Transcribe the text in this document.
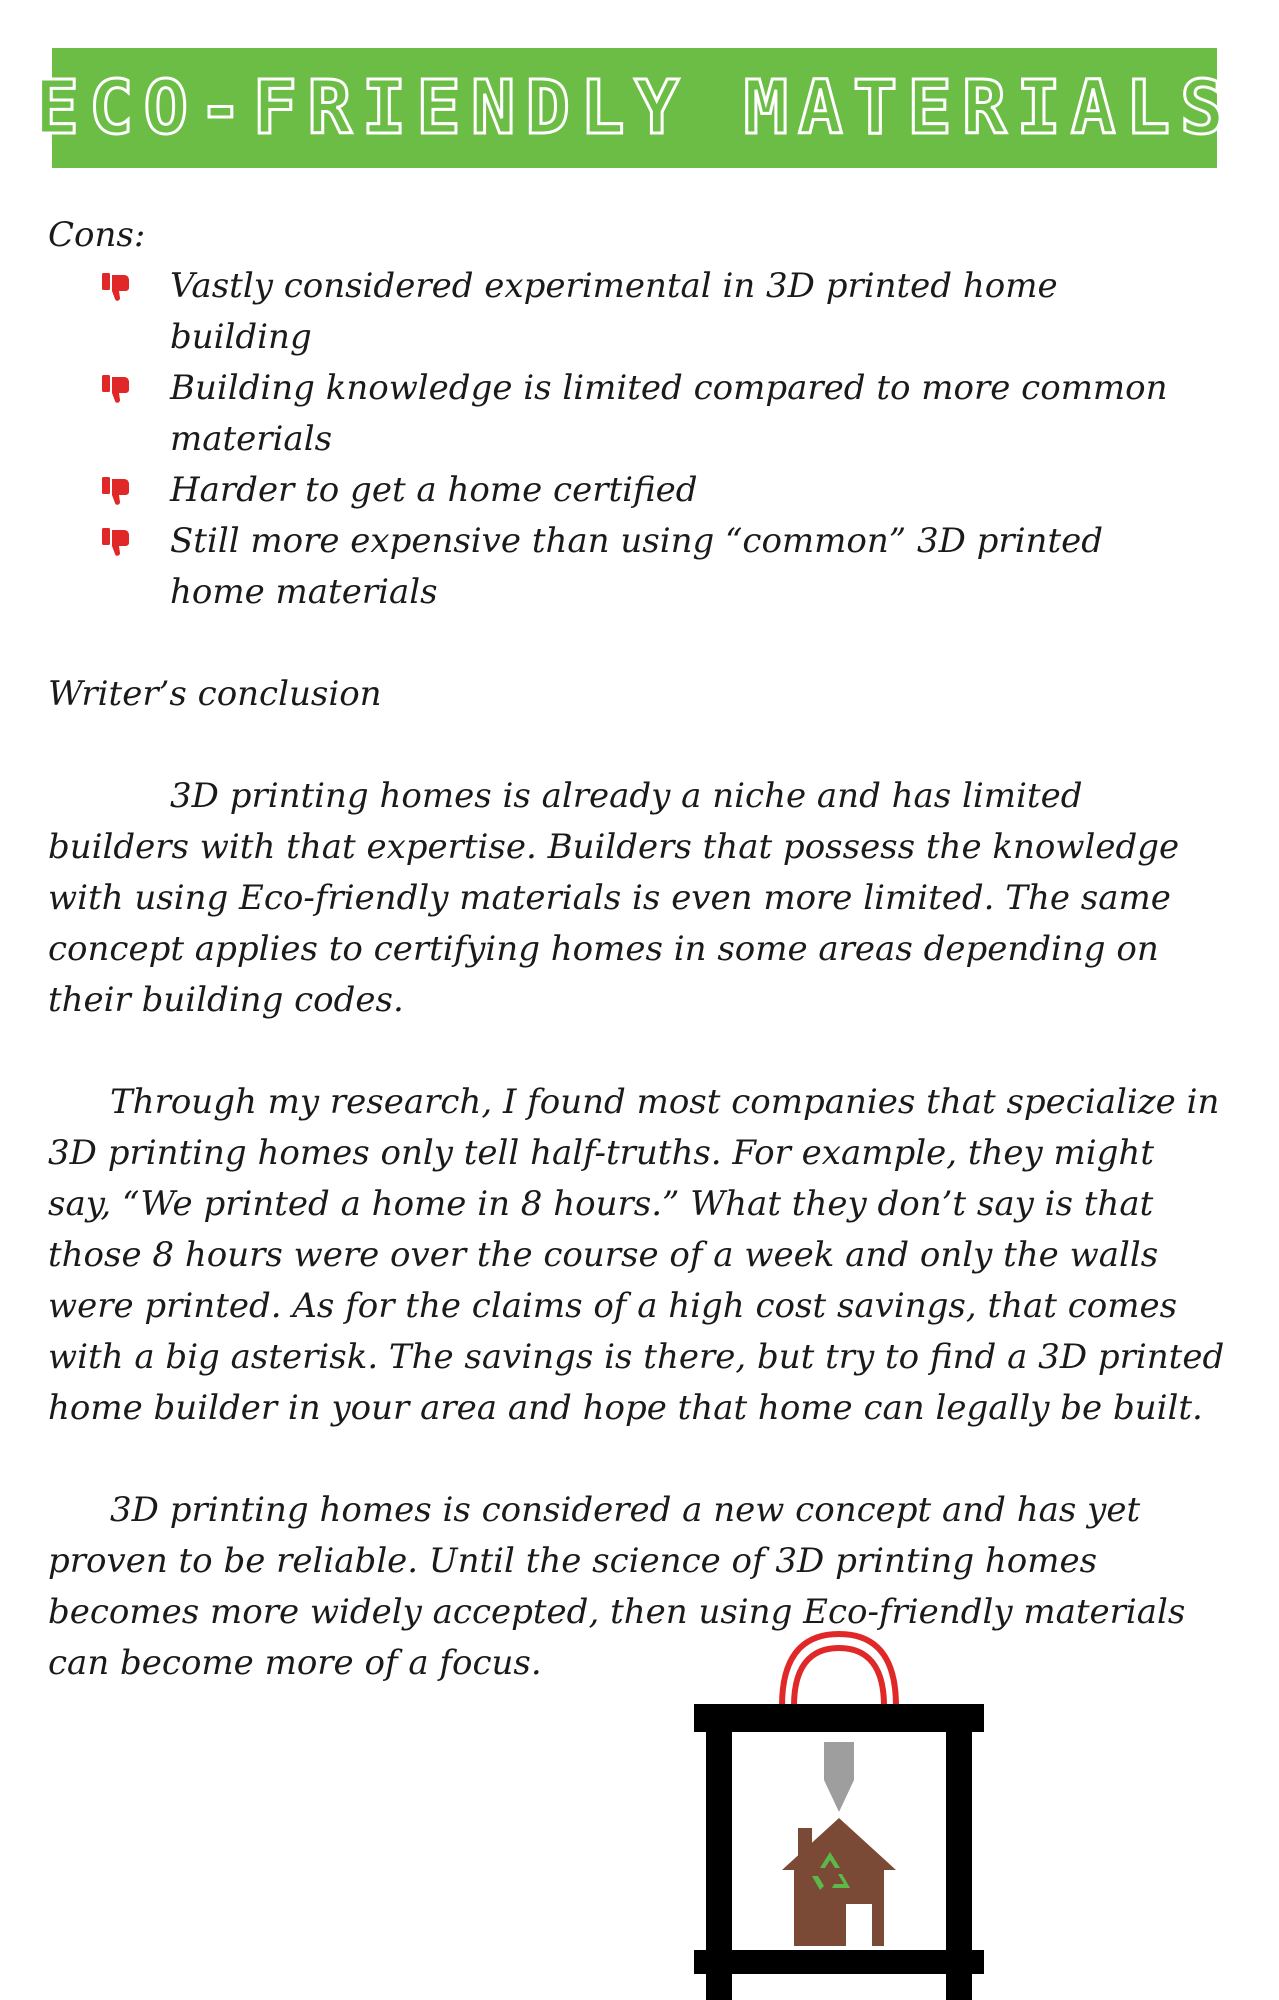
ECO-FRIENDLY MATERIALS

Cons:

Vastly considered experimental in 3D printed home building
Building knowledge is limited compared to more common materials
Harder to get a home certified
Still more expensive than using “common” 3D printed home materials

Writer’s conclusion

3D printing homes is already a niche and has limited builders with that expertise. Builders that possess the knowledge with using Eco-friendly materials is even more limited. The same concept applies to certifying homes in some areas depending on their building codes.

Through my research, I found most companies that specialize in 3D printing homes only tell half-truths. For example, they might say, “We printed a home in 8 hours.” What they don’t say is that those 8 hours were over the course of a week and only the walls were printed. As for the claims of a high cost savings, that comes with a big asterisk. The savings is there, but try to find a 3D printed home builder in your area and hope that home can legally be built.

3D printing homes is considered a new concept and has yet proven to be reliable. Until the science of 3D printing homes becomes more widely accepted, then using Eco-friendly materials can become more of a focus.
